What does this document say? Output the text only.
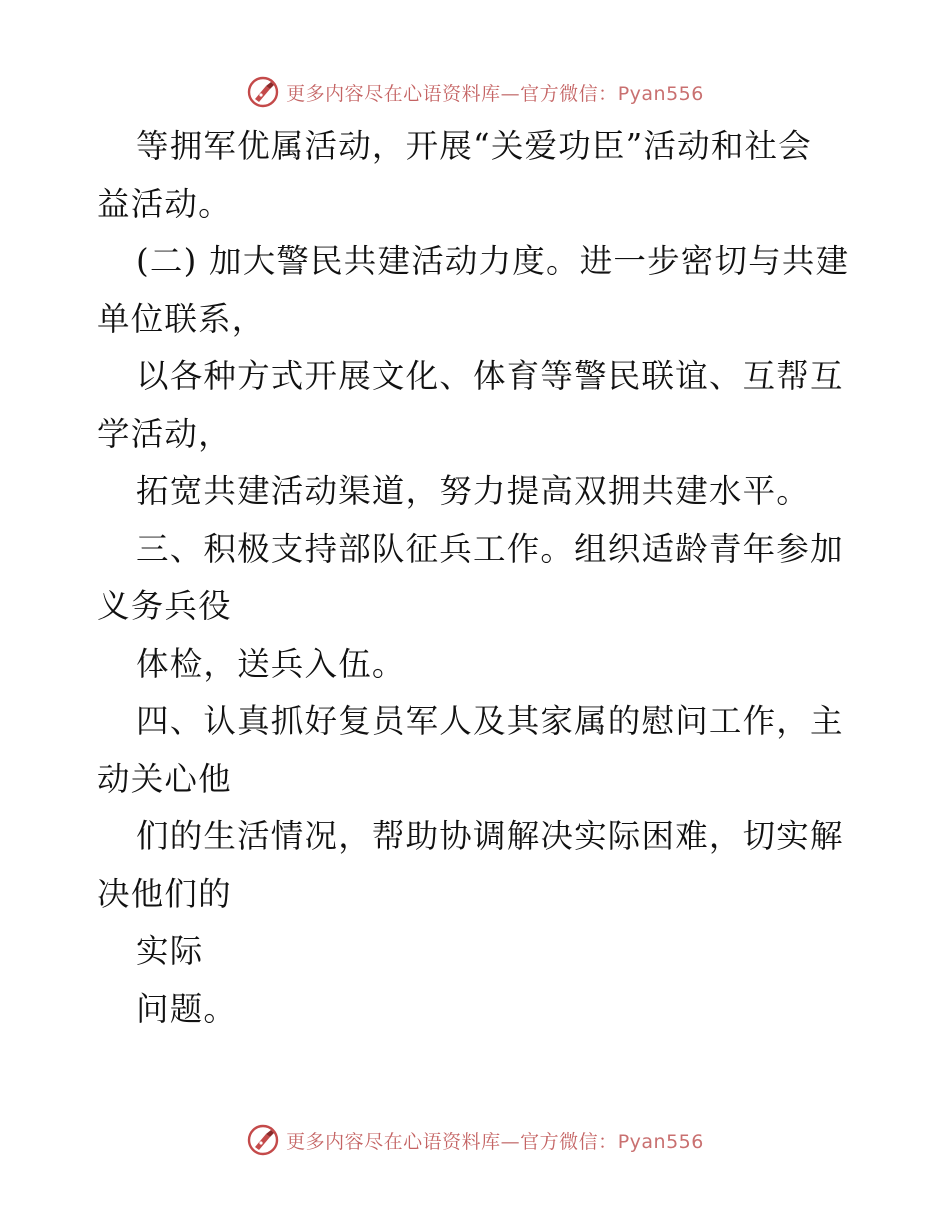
更多内容尽在心语资料库—官方微信：Pyan556
等拥军优属活动，开展“关爱功臣”活动和社会
益活动。
(二) 加大警民共建活动力度。进一步密切与共建
单位联系，
以各种方式开展文化、体育等警民联谊、互帮互
学活动，
拓宽共建活动渠道，努力提高双拥共建水平。
三、积极支持部队征兵工作。组织适龄青年参加
义务兵役
体检，送兵入伍。
四、认真抓好复员军人及其家属的慰问工作，主
动关心他
们的生活情况，帮助协调解决实际困难，切实解
决他们的
实际
问题。
更多内容尽在心语资料库—官方微信：Pyan556
